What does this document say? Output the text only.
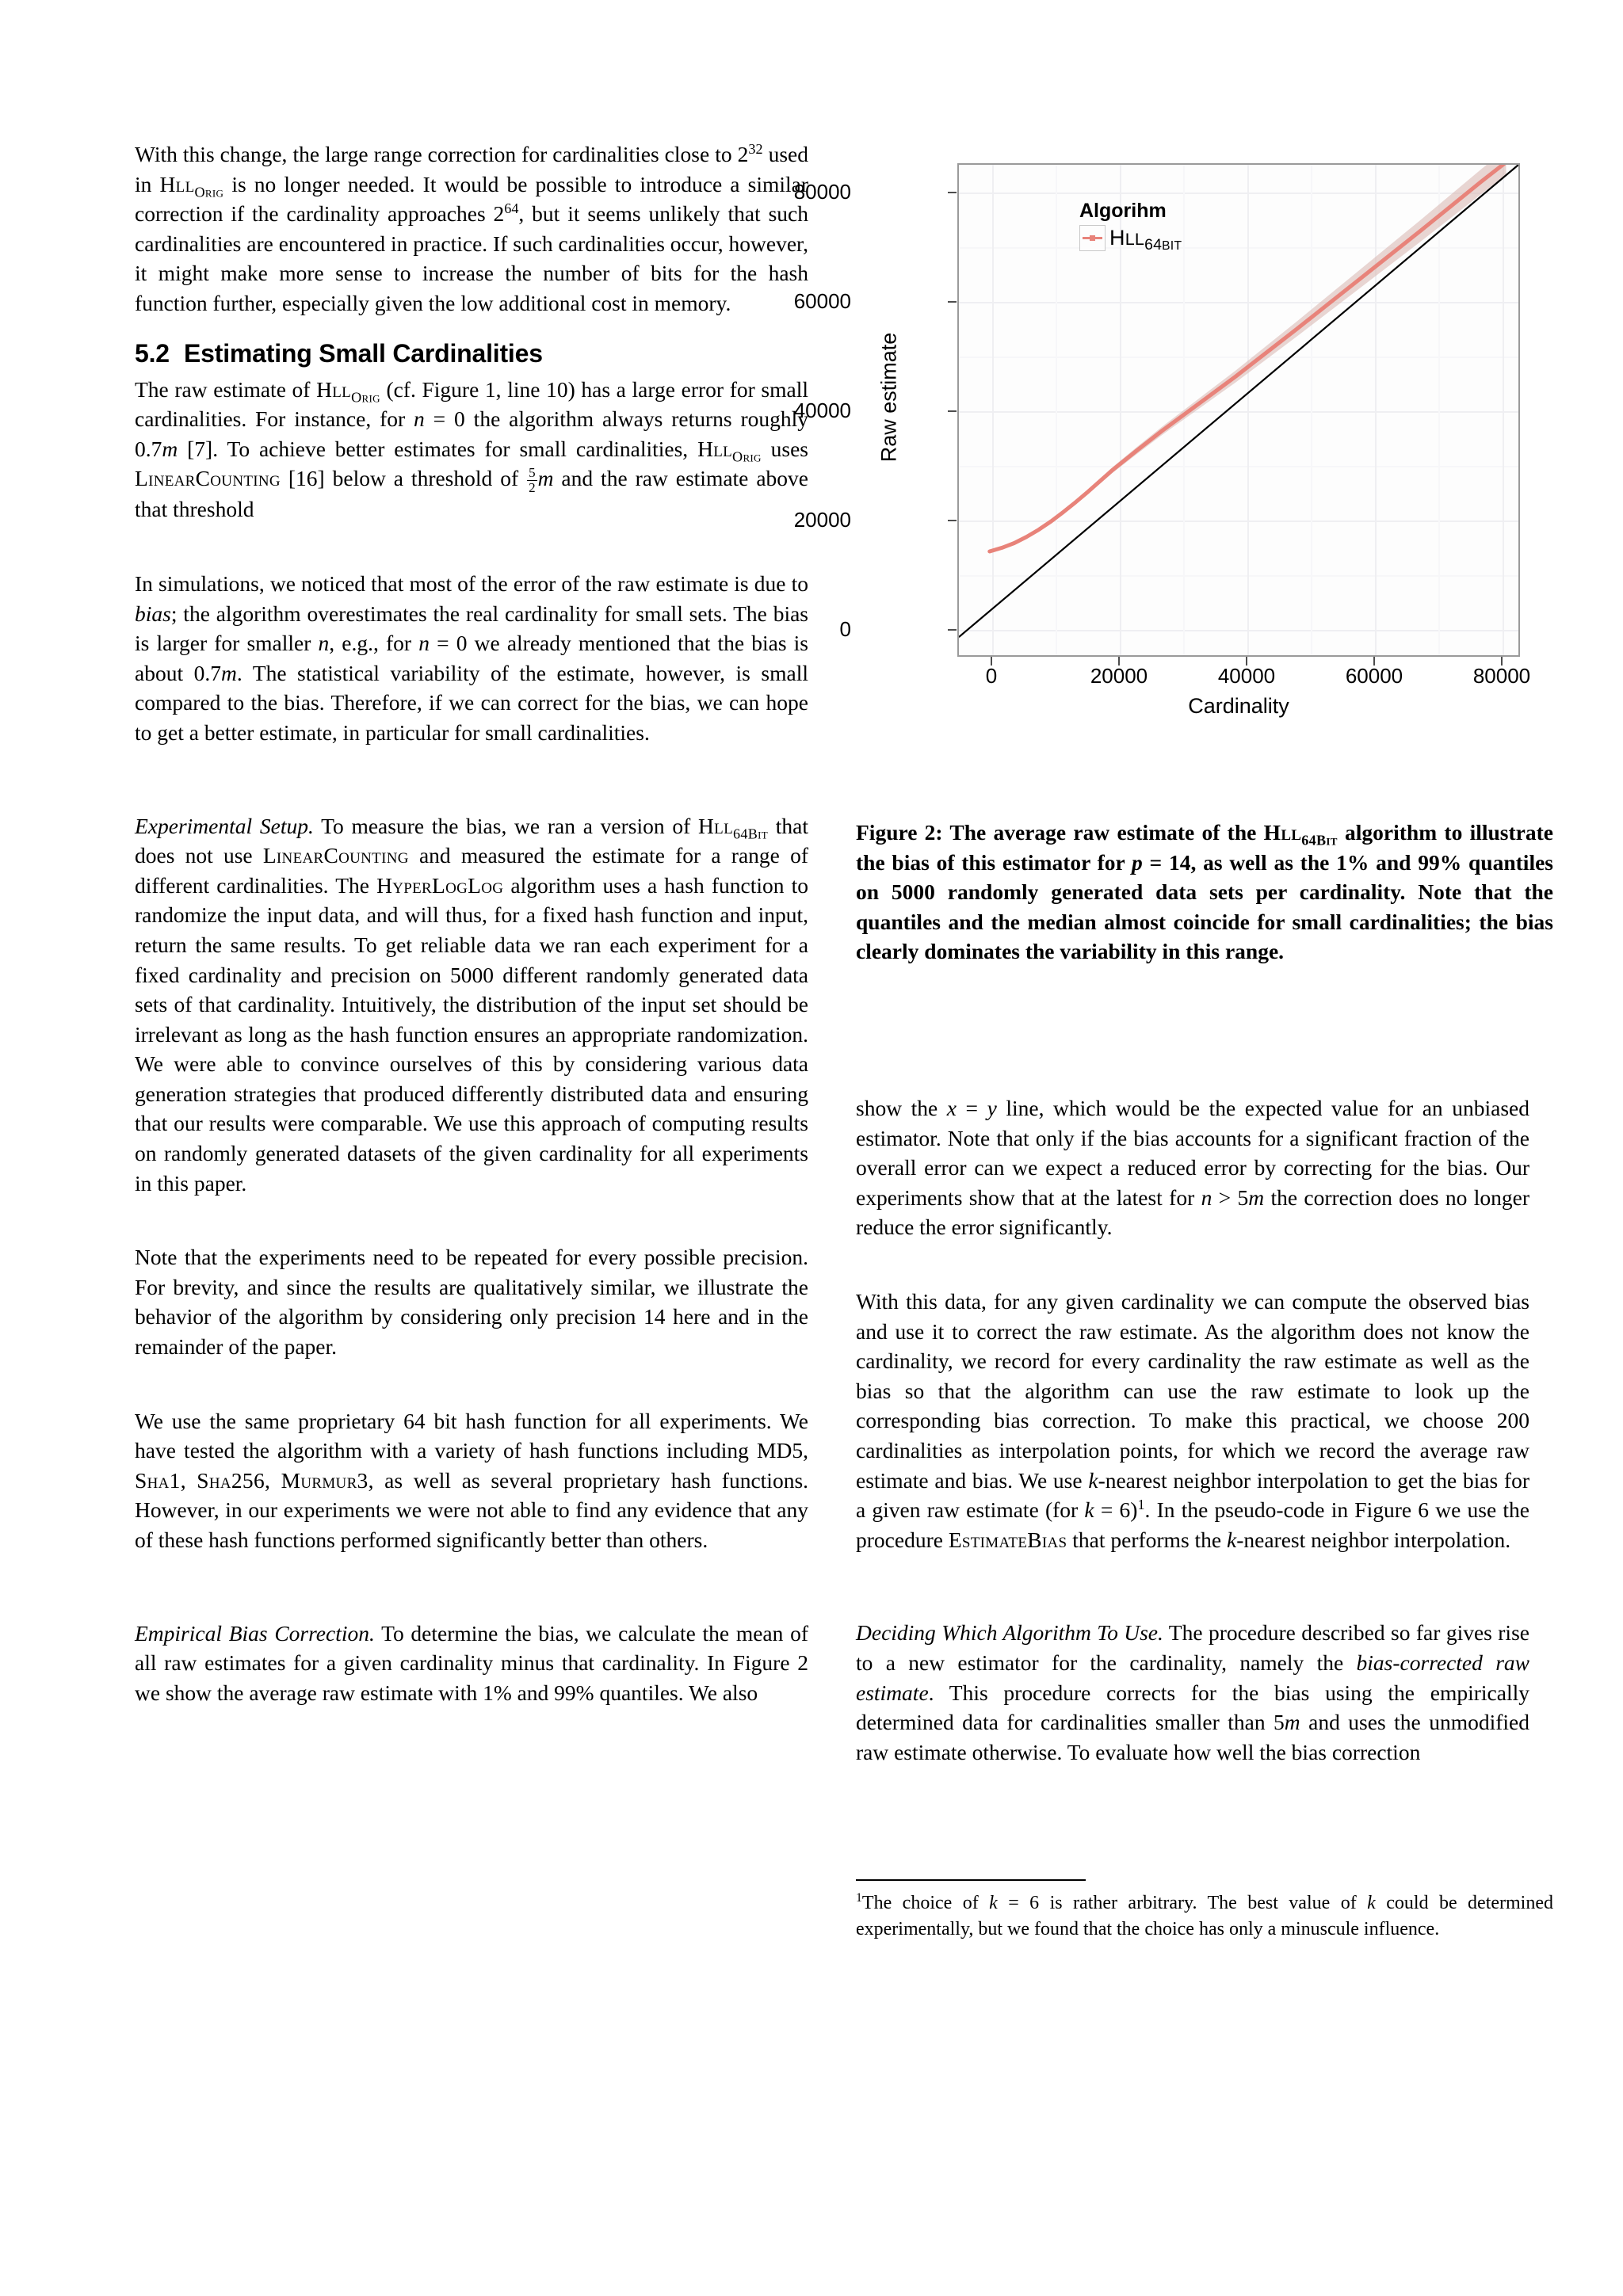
With this change, the large range correction for cardinalities close to $2^{32}$ used in Hll$_{Orig}$ is no longer needed. It would be possible to introduce a similar correction if the cardinality approaches $2^{64}$, but it seems unlikely that such cardinalities are encountered in practice. If such cardinalities occur, however, it might make more sense to increase the number of bits for the hash function further, especially given the low additional cost in memory.

5.2 Estimating Small Cardinalities

The raw estimate of Hll$_{Orig}$ (cf. Figure 1, line 10) has a large error for small cardinalities. For instance, for n = 0 the algorithm always returns roughly 0.7m [7]. To achieve better estimates for small cardinalities, Hll$_{Orig}$ uses LinearCounting [16] below a threshold of $\frac{5}{2}$ m and the raw estimate above that threshold

In simulations, we noticed that most of the error of the raw estimate is due to bias; the algorithm overestimates the real cardinality for small sets. The bias is larger for smaller n, e.g., for n = 0 we already mentioned that the bias is about 0.7m. The statistical variability of the estimate, however, is small compared to the bias. Therefore, if we can correct for the bias, we can hope to get a better estimate, in particular for small cardinalities.

Experimental Setup. To measure the bias, we ran a version of Hll$_{64Bit}$ that does not use LinearCounting and measured the estimate for a range of different cardinalities. The HyperLogLog algorithm uses a hash function to randomize the input data, and will thus, for a fixed hash function and input, return the same results. To get reliable data we ran each experiment for a fixed cardinality and precision on 5000 different randomly generated data sets of that cardinality. Intuitively, the distribution of the input set should be irrelevant as long as the hash function ensures an appropriate randomization. We were able to convince ourselves of this by considering various data generation strategies that produced differently distributed data and ensuring that our results were comparable. We use this approach of computing results on randomly generated datasets of the given cardinality for all experiments in this paper.

Note that the experiments need to be repeated for every possible precision. For brevity, and since the results are qualitatively similar, we illustrate the behavior of the algorithm by considering only precision 14 here and in the remainder of the paper.

We use the same proprietary 64 bit hash function for all experiments. We have tested the algorithm with a variety of hash functions including MD5, Sha1, Sha256, Murmur3, as well as several proprietary hash functions. However, in our experiments we were not able to find any evidence that any of these hash functions performed significantly better than others.

Empirical Bias Correction. To determine the bias, we calculate the mean of all raw estimates for a given cardinality minus that cardinality. In Figure 2 we show the average raw estimate with 1% and 99% quantiles. We also

Raw estimate
80000
60000
40000
20000
0
Algorihm
$HLL_{64BIT}$
0	20000	40000	60000	80000
Cardinality
Figure 2: The average raw estimate of the Hll$_{64Bit}$ algorithm to illustrate the bias of this estimator for p = 14, as well as the 1% and 99% quantiles on 5000 randomly generated data sets per cardinality. Note that the quantiles and the median almost coincide for small cardinalities; the bias clearly dominates the variability in this range.

show the x = y line, which would be the expected value for an unbiased estimator. Note that only if the bias accounts for a significant fraction of the overall error can we expect a reduced error by correcting for the bias. Our experiments show that at the latest for n > 5m the correction does no longer reduce the error significantly.

With this data, for any given cardinality we can compute the observed bias and use it to correct the raw estimate. As the algorithm does not know the cardinality, we record for every cardinality the raw estimate as well as the bias so that the algorithm can use the raw estimate to look up the corresponding bias correction. To make this practical, we choose 200 cardinalities as interpolation points, for which we record the average raw estimate and bias. We use k-nearest neighbor interpolation to get the bias for a given raw estimate (for k = 6)$^1$. In the pseudo-code in Figure 6 we use the procedure EstimateBias that performs the k-nearest neighbor interpolation.

Deciding Which Algorithm To Use. The procedure described so far gives rise to a new estimator for the cardinality, namely the bias-corrected raw estimate. This procedure corrects for the bias using the empirically determined data for cardinalities smaller than 5m and uses the unmodified raw estimate otherwise. To evaluate how well the bias correction

$^1$The choice of k = 6 is rather arbitrary. The best value of k could be determined experimentally, but we found that the choice has only a minuscule influence.
